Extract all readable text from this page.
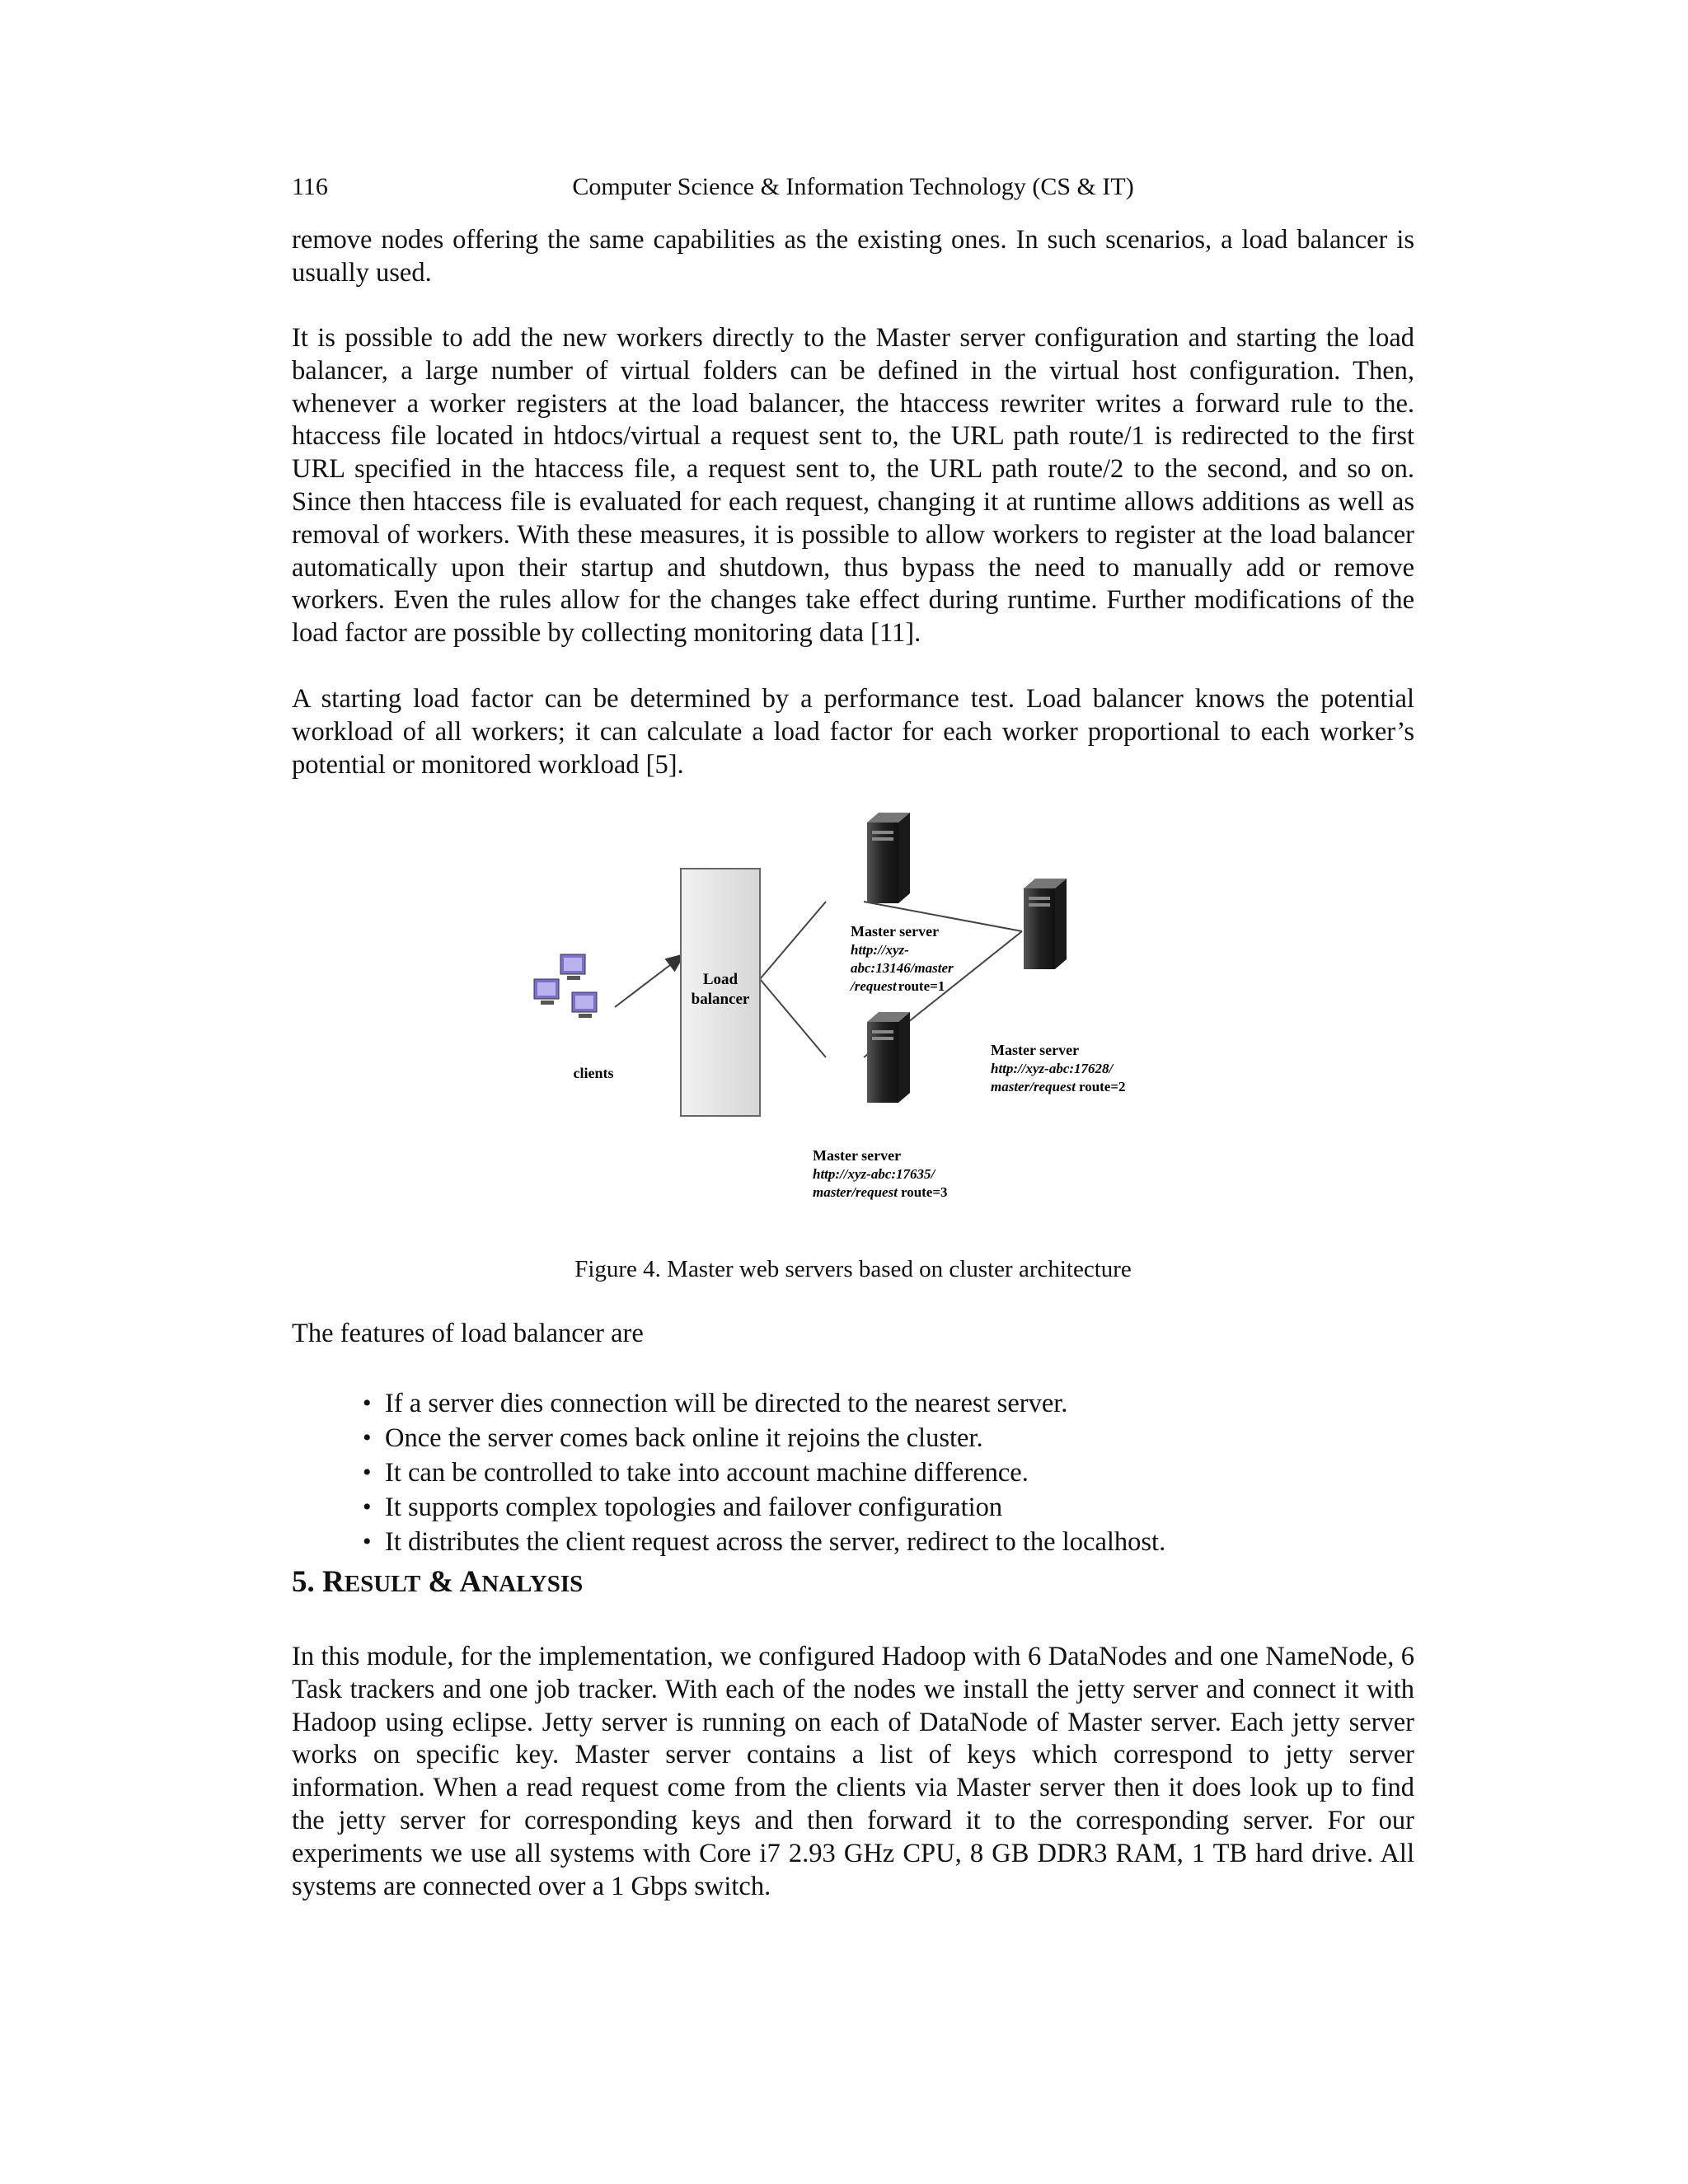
116	Computer Science & Information Technology (CS & IT)

remove nodes offering the same capabilities as the existing ones. In such scenarios, a load balancer is usually used.

It is possible to add the new workers directly to the Master server configuration and starting the load balancer, a large number of virtual folders can be defined in the virtual host configuration. Then, whenever a worker registers at the load balancer, the htaccess rewriter writes a forward rule to the. htaccess file located in htdocs/virtual a request sent to, the URL path route/1 is redirected to the first URL specified in the htaccess file, a request sent to, the URL path route/2 to the second, and so on. Since then htaccess file is evaluated for each request, changing it at runtime allows additions as well as removal of workers. With these measures, it is possible to allow workers to register at the load balancer automatically upon their startup and shutdown, thus bypass the need to manually add or remove workers. Even the rules allow for the changes take effect during runtime. Further modifications of the load factor are possible by collecting monitoring data [11].

A starting load factor can be determined by a performance test. Load balancer knows the potential workload of all workers; it can calculate a load factor for each worker proportional to each worker’s potential or monitored workload [5].

Load
balancer
clients
Master server
http://xyz-
abc:13146/master
/request route=1
Master server
http://xyz-abc:17628/
master/request route=2
Master server
http://xyz-abc:17635/
master/request route=3
Figure 4. Master web servers based on cluster architecture
The features of load balancer are
• If a server dies connection will be directed to the nearest server.
• Once the server comes back online it rejoins the cluster.
• It can be controlled to take into account machine difference.
• It supports complex topologies and failover configuration
• It distributes the client request across the server, redirect to the localhost.
5. RESULT & ANALYSIS

In this module, for the implementation, we configured Hadoop with 6 DataNodes and one NameNode, 6 Task trackers and one job tracker. With each of the nodes we install the jetty server and connect it with Hadoop using eclipse. Jetty server is running on each of DataNode of Master server. Each jetty server works on specific key. Master server contains a list of keys which correspond to jetty server information. When a read request come from the clients via Master server then it does look up to find the jetty server for corresponding keys and then forward it to the corresponding server. For our experiments we use all systems with Core i7 2.93 GHz CPU, 8 GB DDR3 RAM, 1 TB hard drive. All systems are connected over a 1 Gbps switch.
